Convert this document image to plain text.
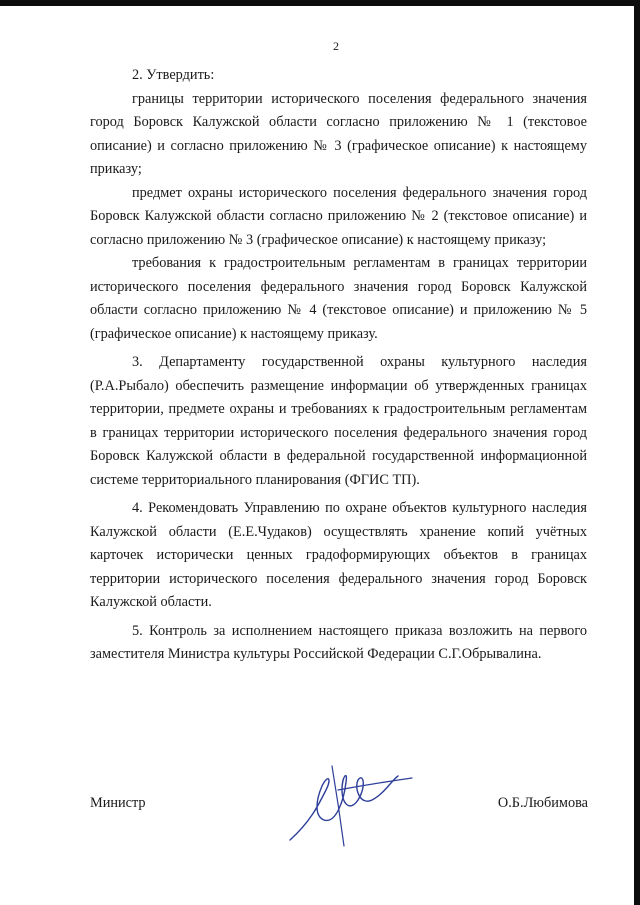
2

2. Утвердить:

границы территории исторического поселения федерального значения город Боровск Калужской области согласно приложению № 1 (текстовое описание) и согласно приложению № 3 (графическое описание) к настоящему приказу;

предмет охраны исторического поселения федерального значения город Боровск Калужской области согласно приложению № 2 (текстовое описание) и согласно приложению № 3 (графическое описание) к настоящему приказу;

требования к градостроительным регламентам в границах территории исторического поселения федерального значения город Боровск Калужской области согласно приложению № 4 (текстовое описание) и приложению № 5 (графическое описание) к настоящему приказу.

3. Департаменту государственной охраны культурного наследия (Р.А.Рыбало) обеспечить размещение информации об утвержденных границах территории, предмете охраны и требованиях к градостроительным регламентам в границах территории исторического поселения федерального значения город Боровск Калужской области в федеральной государственной информационной системе территориального планирования (ФГИС ТП).

4. Рекомендовать Управлению по охране объектов культурного наследия Калужской области (Е.Е.Чудаков) осуществлять хранение копий учётных карточек исторически ценных градоформирующих объектов в границах территории исторического поселения федерального значения город Боровск Калужской области.

5. Контроль за исполнением настоящего приказа возложить на первого заместителя Министра культуры Российской Федерации С.Г.Обрывалина.

Министр	О.Б.Любимова
